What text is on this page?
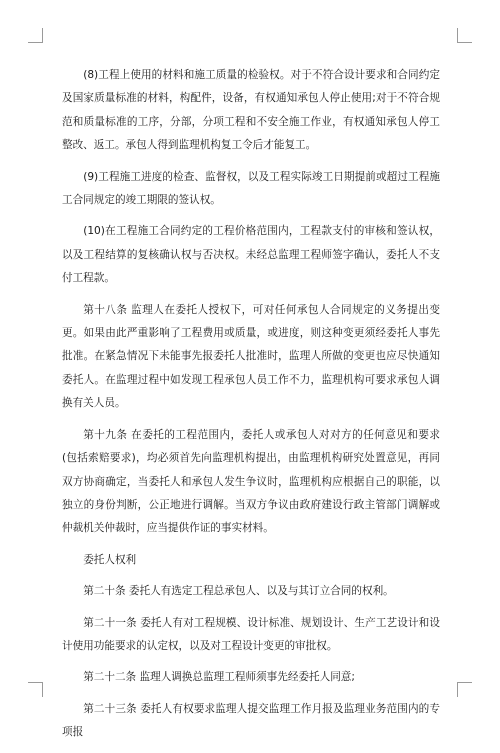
(8)工程上使用的材料和施工质量的检验权。对于不符合设计要求和合同约定及国家质量标准的材料，构配件，设备，有权通知承包人停止使用;对于不符合规范和质量标准的工序，分部，分项工程和不安全施工作业，有权通知承包人停工整改、返工。承包人得到监理机构复工令后才能复工。

(9)工程施工进度的检查、监督权，以及工程实际竣工日期提前或超过工程施工合同规定的竣工期限的签认权。

(10)在工程施工合同约定的工程价格范围内，工程款支付的审核和签认权，以及工程结算的复核确认权与否决权。未经总监理工程师签字确认，委托人不支付工程款。

第十八条 监理人在委托人授权下，可对任何承包人合同规定的义务提出变更。如果由此严重影响了工程费用或质量，或进度，则这种变更须经委托人事先批准。在紧急情况下未能事先报委托人批准时，监理人所做的变更也应尽快通知委托人。在监理过程中如发现工程承包人员工作不力，监理机构可要求承包人调换有关人员。

第十九条 在委托的工程范围内，委托人或承包人对对方的任何意见和要求(包括索赔要求)，均必须首先向监理机构提出，由监理机构研究处置意见，再同双方协商确定，当委托人和承包人发生争议时，监理机构应根据自己的职能，以独立的身份判断，公正地进行调解。当双方争议由政府建设行政主管部门调解或仲裁机关仲裁时，应当提供作证的事实材料。

委托人权利

第二十条 委托人有选定工程总承包人、以及与其订立合同的权利。

第二十一条 委托人有对工程规模、设计标准、规划设计、生产工艺设计和设计使用功能要求的认定权，以及对工程设计变更的审批权。

第二十二条 监理人调换总监理工程师须事先经委托人同意;

第二十三条 委托人有权要求监理人提交监理工作月报及监理业务范围内的专项报
